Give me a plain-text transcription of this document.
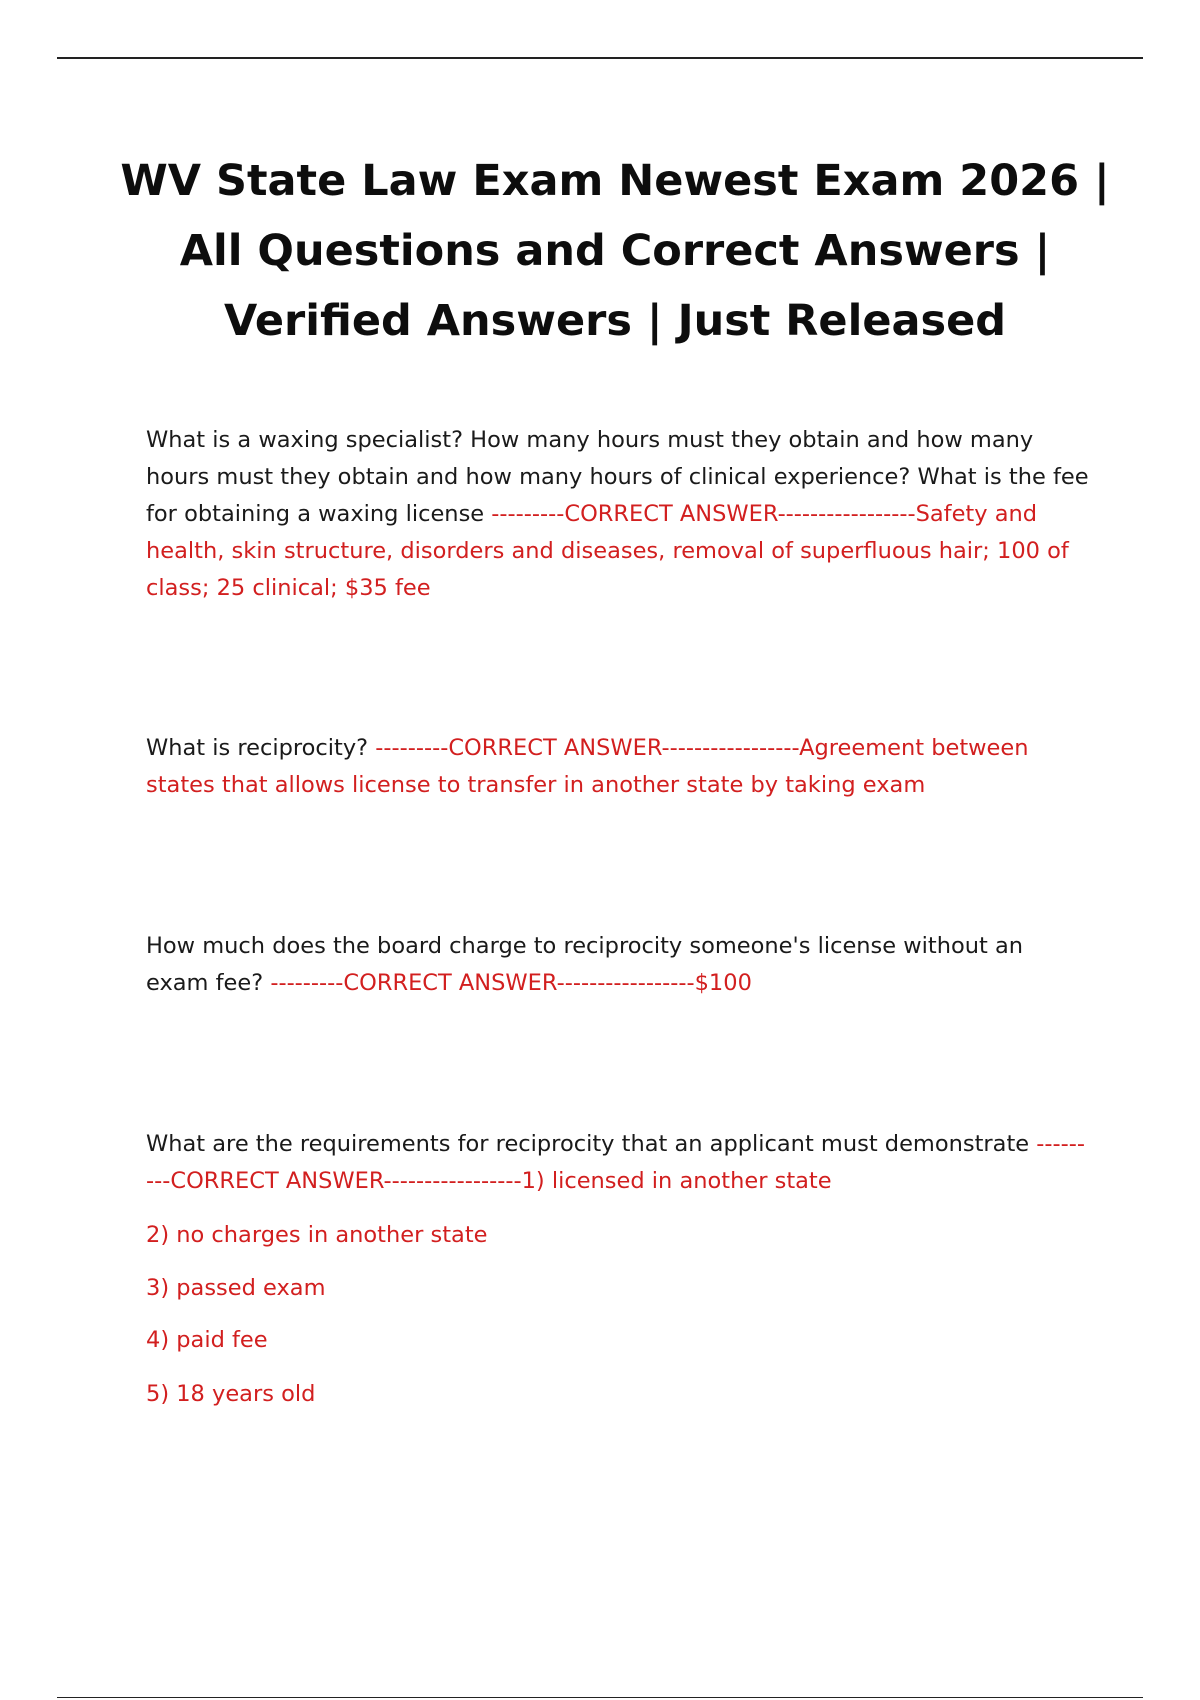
WV State Law Exam Newest Exam 2026 |
All Questions and Correct Answers |
Verified Answers | Just Released

What is a waxing specialist? How many hours must they obtain and how many hours must they obtain and how many hours of clinical experience? What is the fee for obtaining a waxing license ---------CORRECT ANSWER-----------------Safety and health, skin structure, disorders and diseases, removal of superfluous hair; 100 of class; 25 clinical; $35 fee

What is reciprocity? ---------CORRECT ANSWER-----------------Agreement between states that allows license to transfer in another state by taking exam

How much does the board charge to reciprocity someone's license without an exam fee? ---------CORRECT ANSWER-----------------$100

What are the requirements for reciprocity that an applicant must demonstrate ---------CORRECT ANSWER-----------------1) licensed in another state

2) no charges in another state

3) passed exam

4) paid fee

5) 18 years old
